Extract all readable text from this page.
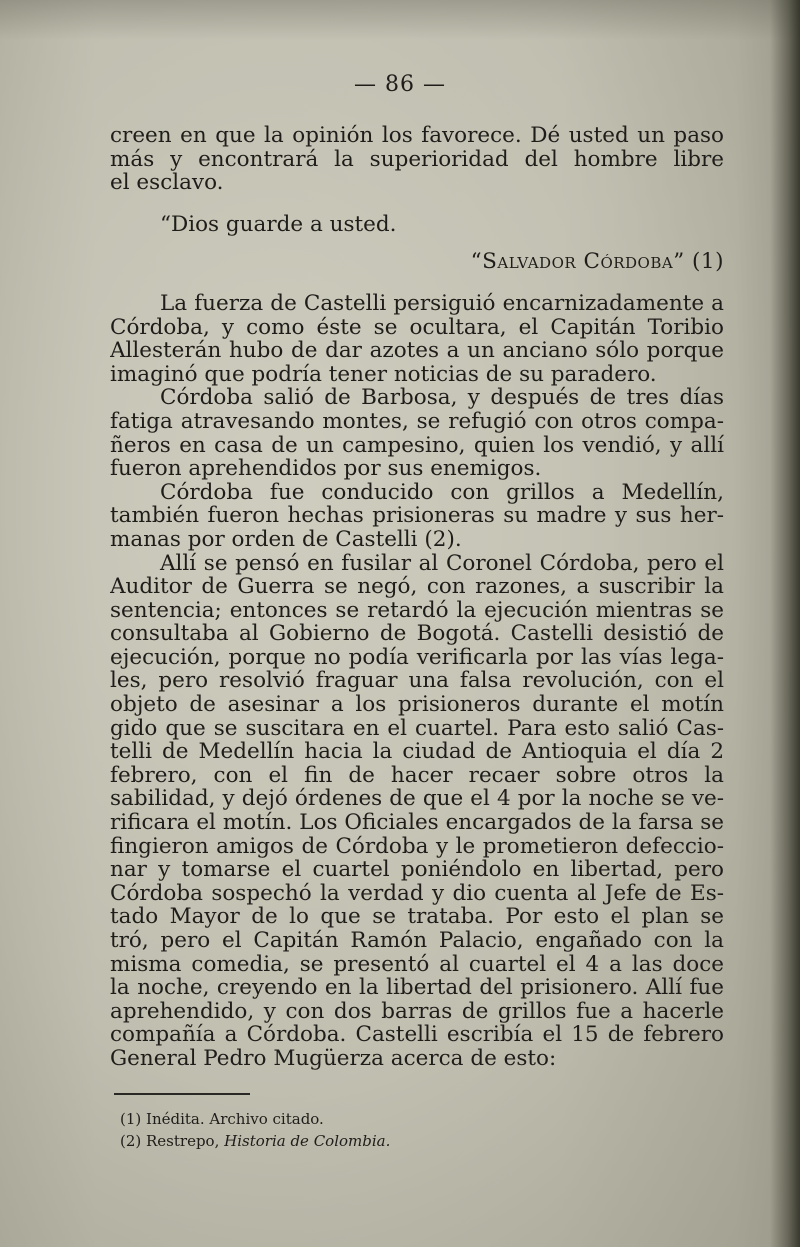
— 86 —
creen en que la opinión los favorece. Dé usted un paso
más y encontrará la superioridad del hombre libre
el esclavo.
“Dios guarde a usted.
“Salvador Córdoba” (1)
La fuerza de Castelli persiguió encarnizadamente a
Córdoba, y como éste se ocultara, el Capitán Toribio
Allesterán hubo de dar azotes a un anciano sólo porque
imaginó que podría tener noticias de su paradero.
Córdoba salió de Barbosa, y después de tres días
fatiga atravesando montes, se refugió con otros compa-
ñeros en casa de un campesino, quien los vendió, y allí
fueron aprehendidos por sus enemigos.
Córdoba fue conducido con grillos a Medellín,
también fueron hechas prisioneras su madre y sus her-
manas por orden de Castelli (2).
Allí se pensó en fusilar al Coronel Córdoba, pero el
Auditor de Guerra se negó, con razones, a suscribir la
sentencia; entonces se retardó la ejecución mientras se
consultaba al Gobierno de Bogotá. Castelli desistió de
ejecución, porque no podía verificarla por las vías lega-
les, pero resolvió fraguar una falsa revolución, con el
objeto de asesinar a los prisioneros durante el motín
gido que se suscitara en el cuartel. Para esto salió Cas-
telli de Medellín hacia la ciudad de Antioquia el día 2
febrero, con el fin de hacer recaer sobre otros la
sabilidad, y dejó órdenes de que el 4 por la noche se ve-
rificara el motín. Los Oficiales encargados de la farsa se
fingieron amigos de Córdoba y le prometieron defeccio-
nar y tomarse el cuartel poniéndolo en libertad, pero
Córdoba sospechó la verdad y dio cuenta al Jefe de Es-
tado Mayor de lo que se trataba. Por esto el plan se
tró, pero el Capitán Ramón Palacio, engañado con la
misma comedia, se presentó al cuartel el 4 a las doce
la noche, creyendo en la libertad del prisionero. Allí fue
aprehendido, y con dos barras de grillos fue a hacerle
compañía a Córdoba. Castelli escribía el 15 de febrero
General Pedro Mugüerza acerca de esto:
(1) Inédita. Archivo citado.
(2) Restrepo, Historia de Colombia.
